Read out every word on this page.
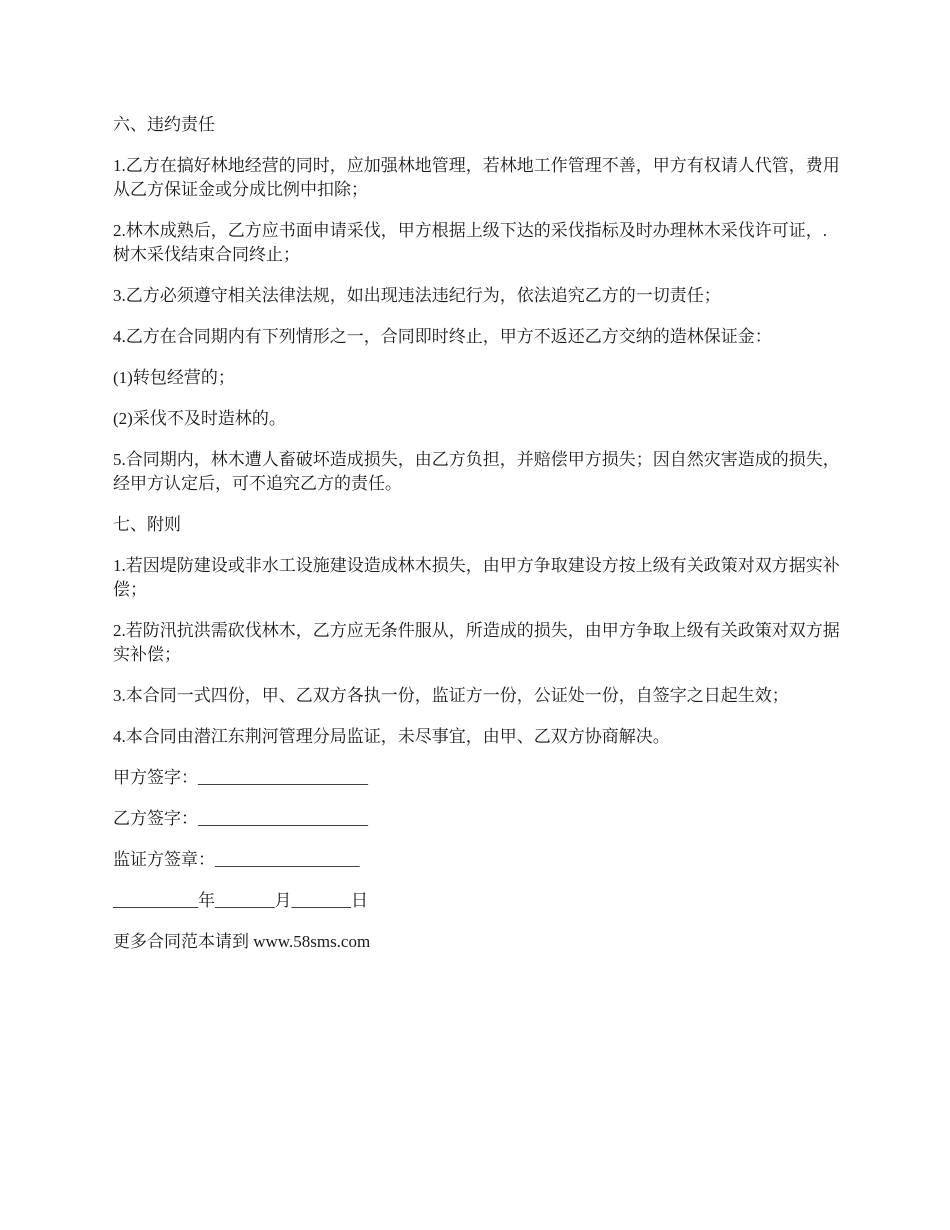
六、违约责任

1.乙方在搞好林地经营的同时，应加强林地管理，若林地工作管理不善，甲方有权请人代管，费用从乙方保证金或分成比例中扣除；

2.林木成熟后，乙方应书面申请采伐，甲方根据上级下达的采伐指标及时办理林木采伐许可证，.树木采伐结束合同终止；

3.乙方必须遵守相关法律法规，如出现违法违纪行为，依法追究乙方的一切责任；

4.乙方在合同期内有下列情形之一，合同即时终止，甲方不返还乙方交纳的造林保证金：

(1)转包经营的；

(2)采伐不及时造林的。

5.合同期内，林木遭人畜破坏造成损失，由乙方负担，并赔偿甲方损失；因自然灾害造成的损失，经甲方认定后，可不追究乙方的责任。

七、附则

1.若因堤防建设或非水工设施建设造成林木损失，由甲方争取建设方按上级有关政策对双方据实补偿；

2.若防汛抗洪需砍伐林木，乙方应无条件服从，所造成的损失，由甲方争取上级有关政策对双方据实补偿；

3.本合同一式四份，甲、乙双方各执一份，监证方一份，公证处一份，自签字之日起生效；

4.本合同由潜江东荆河管理分局监证，未尽事宜，由甲、乙双方协商解决。

甲方签字：____________________

乙方签字：____________________

监证方签章：_________________

__________年_______月_______日

更多合同范本请到 www.58sms.com
